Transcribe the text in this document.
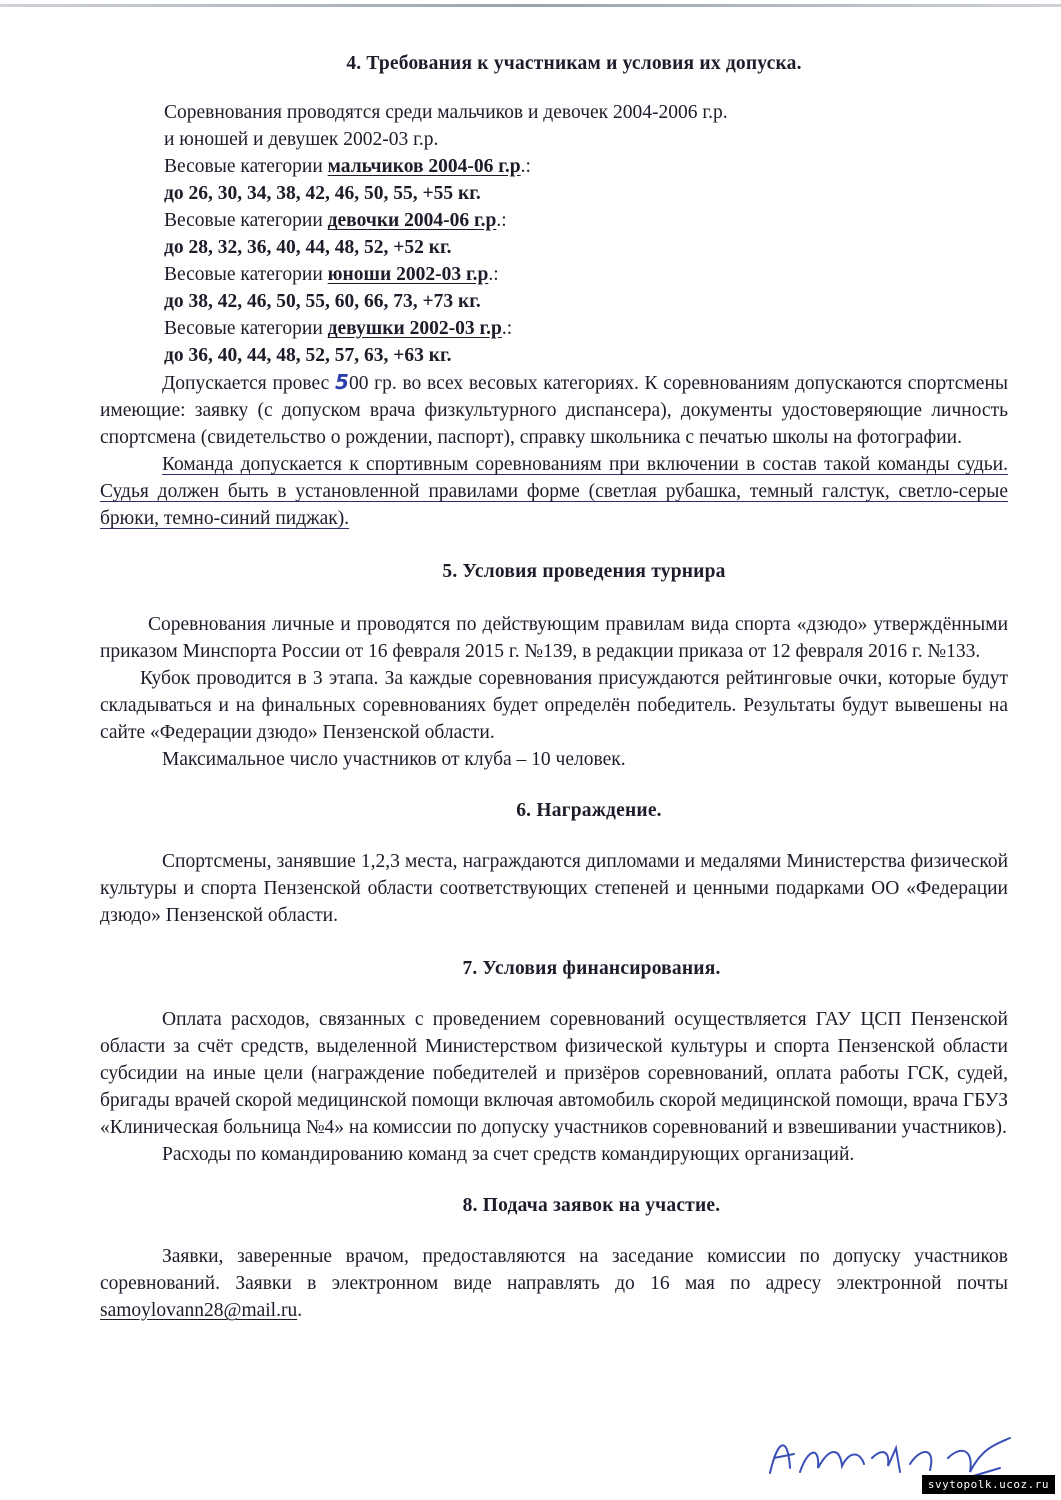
4. Требования к участникам и условия их допуска.

Соревнования проводятся среди мальчиков и девочек 2004-2006 г.р.

и юношей и девушек 2002-03 г.р.

Весовые категории мальчиков 2004-06 г.р.:

до 26, 30, 34, 38, 42, 46, 50, 55, +55 кг.

Весовые категории девочки 2004-06 г.р.:

до 28, 32, 36, 40, 44, 48, 52, +52 кг.

Весовые категории юноши 2002-03 г.р.:

до 38, 42, 46, 50, 55, 60, 66, 73, +73 кг.

Весовые категории девушки 2002-03 г.р.:

до 36, 40, 44, 48, 52, 57, 63, +63 кг.

Допускается провес 500 гр. во всех весовых категориях. К соревнованиям допускаются спортсмены имеющие: заявку (с допуском врача физкультурного диспансера), документы удостоверяющие личность спортсмена (свидетельство о рождении, паспорт), справку школьника с печатью школы на фотографии.

Команда допускается к спортивным соревнованиям при включении в состав такой команды судьи. Судья должен быть в установленной правилами форме (светлая рубашка, темный галстук, светло-серые брюки, темно-синий пиджак).

5. Условия проведения турнира

Соревнования личные и проводятся по действующим правилам вида спорта «дзюдо» утверждёнными приказом Минспорта России от 16 февраля 2015 г. №139, в редакции приказа от 12 февраля 2016 г. №133.

Кубок проводится в 3 этапа. За каждые соревнования присуждаются рейтинговые очки, которые будут складываться и на финальных соревнованиях будет определён победитель. Результаты будут вывешены на сайте «Федерации дзюдо» Пензенской области.

Максимальное число участников от клуба – 10 человек.

6. Награждение.

Спортсмены, занявшие 1,2,3 места, награждаются дипломами и медалями Министерства физической культуры и спорта Пензенской области соответствующих степеней и ценными подарками ОО «Федерации дзюдо» Пензенской области.

7. Условия финансирования.

Оплата расходов, связанных с проведением соревнований осуществляется ГАУ ЦСП Пензенской области за счёт средств, выделенной Министерством физической культуры и спорта Пензенской области субсидии на иные цели (награждение победителей и призёров соревнований, оплата работы ГСК, судей, бригады врачей скорой медицинской помощи включая автомобиль скорой медицинской помощи, врача ГБУЗ «Клиническая больница №4» на комиссии по допуску участников соревнований и взвешивании участников).

Расходы по командированию команд за счет средств командирующих организаций.

8. Подача заявок на участие.

Заявки, заверенные врачом, предоставляются на заседание комиссии по допуску участников соревнований. Заявки в электронном виде направлять до 16 мая по адресу электронной почты samoylovann28@mail.ru.

svytopolk.ucoz.ru
